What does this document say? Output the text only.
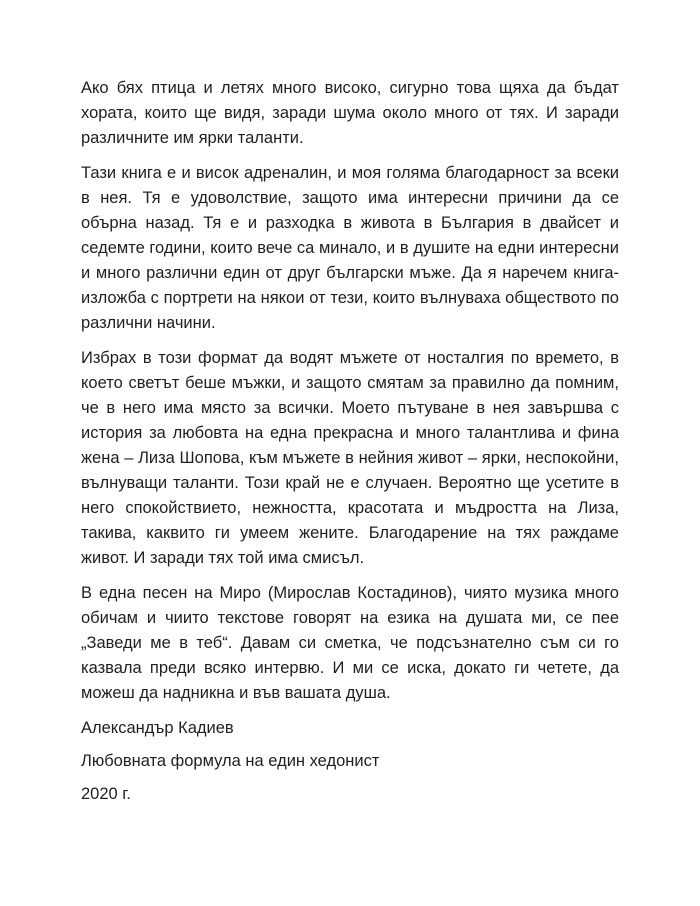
Ако бях птица и летях много високо, сигурно това щяха да бъдат хората, които ще видя, заради шума около много от тях. И заради различните им ярки таланти.

Тази книга е и висок адреналин, и моя голяма благодарност за всеки в нея. Тя е удоволствие, защото има интересни причини да се обърна назад. Тя е и разходка в живота в България в двайсет и седемте години, които вече са минало, и в душите на едни интересни и много различни един от друг български мъже. Да я наречем книга-изложба с портрети на някои от тези, които вълнуваха обществото по различни начини.

Избрах в този формат да водят мъжете от носталгия по времето, в което светът беше мъжки, и защото смятам за правилно да помним, че в него има място за всички. Моето пътуване в нея завършва с история за любовта на една прекрасна и много талантлива и фина жена – Лиза Шопова, към мъжете в нейния живот – ярки, неспокойни, вълнуващи таланти. Този край не е случаен. Вероятно ще усетите в него спокойствието, нежността, красотата и мъдростта на Лиза, такива, каквито ги умеем жените. Благодарение на тях раждаме живот. И заради тях той има смисъл.

В една песен на Миро (Мирослав Костадинов), чиято музика много обичам и чиито текстове говорят на езика на душата ми, се пее „Заведи ме в теб“. Давам си сметка, че подсъзнателно съм си го казвала преди всяко интервю. И ми се иска, докато ги четете, да можеш да надникна и във вашата душа.

Александър Кадиев

Любовната формула на един хедонист

2020 г.
